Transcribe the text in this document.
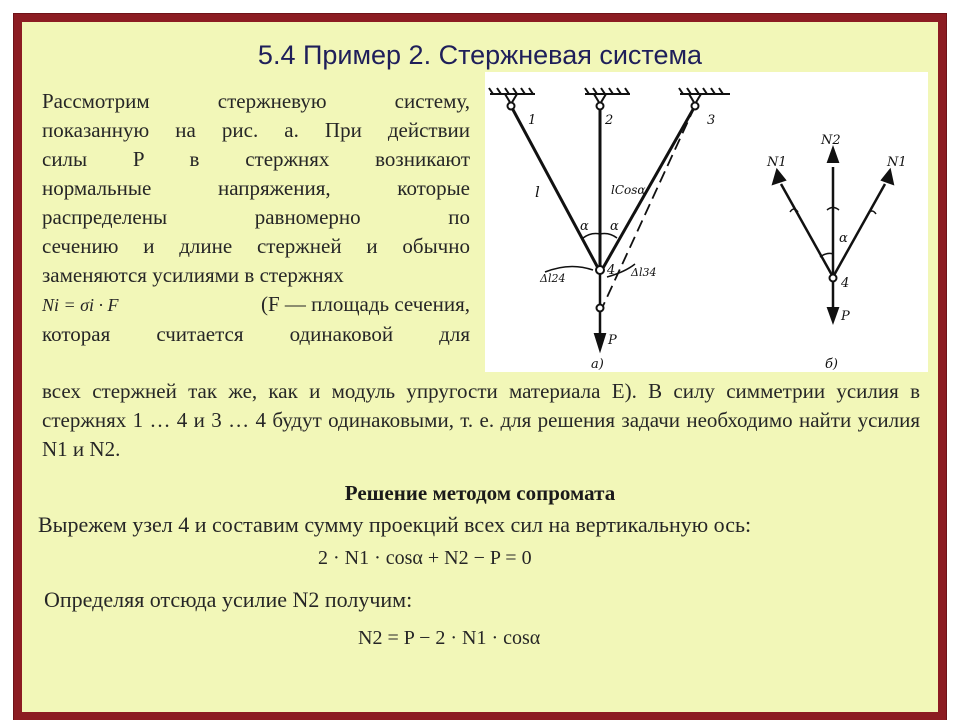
5.4 Пример 2. Стержневая система
1	2	3
4
l	lCosα
α α
Δl24	Δl34
P
а)
N1
N2
N1
α
4
P
б)
Рассмотрим стержневую систему,
показанную на рис. а. При действии
силы P в стержнях возникают
нормальные напряжения, которые
распределены равномерно по
сечению и длине стержней и обычно
заменяются усилиями в стержнях
Ni = σi · F	(F — площадь сечения,
которая считается одинаковой для
всех стержней так же, как и модуль упругости материала E). В силу симметрии усилия в стержнях 1 … 4 и 3 … 4 будут одинаковыми, т. е. для решения задачи необходимо найти усилия N1 и N2.
Решение методом сопромата
Вырежем узел 4 и составим сумму проекций всех сил на вертикальную ось:
2 · N1 · cosα + N2 − P = 0
Определяя отсюда усилие N2 получим:
N2 = P − 2 · N1 · cosα
